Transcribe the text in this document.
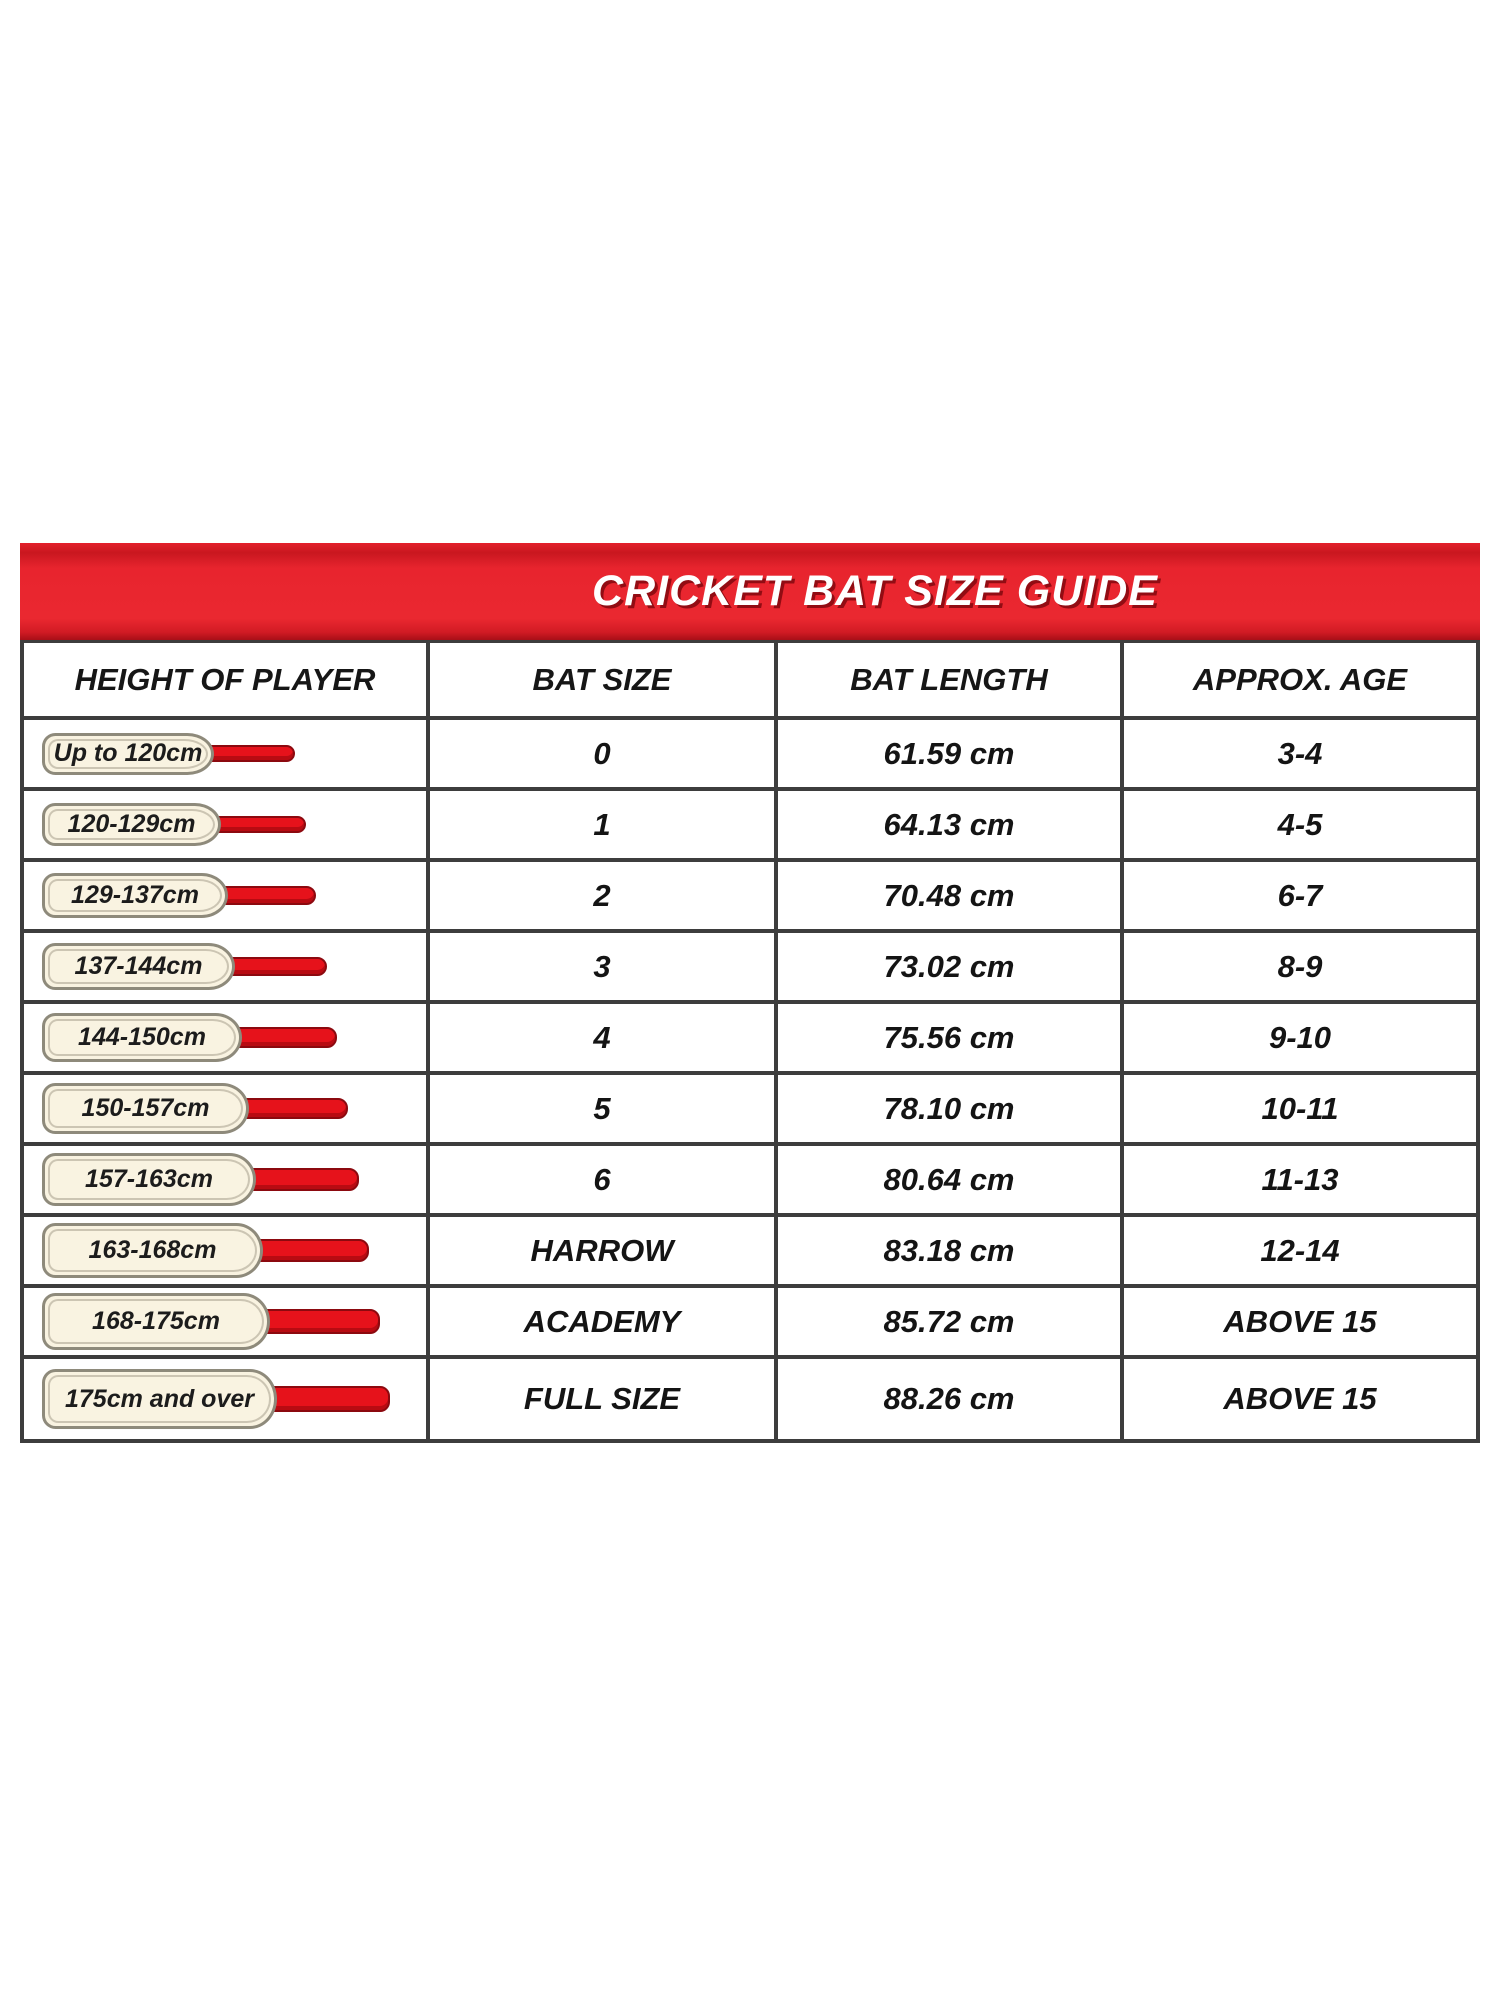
CRICKET BAT SIZE GUIDE
HEIGHT OF PLAYER	BAT SIZE	BAT LENGTH	APPROX. AGE
Up to 120cm	0	61.59 cm	3-4
120-129cm	1	64.13 cm	4-5
129-137cm	2	70.48 cm	6-7
137-144cm	3	73.02 cm	8-9
144-150cm	4	75.56 cm	9-10
150-157cm	5	78.10 cm	10-11
157-163cm	6	80.64 cm	11-13
163-168cm	HARROW	83.18 cm	12-14
168-175cm	ACADEMY	85.72 cm	ABOVE 15
175cm and over	FULL SIZE	88.26 cm	ABOVE 15
